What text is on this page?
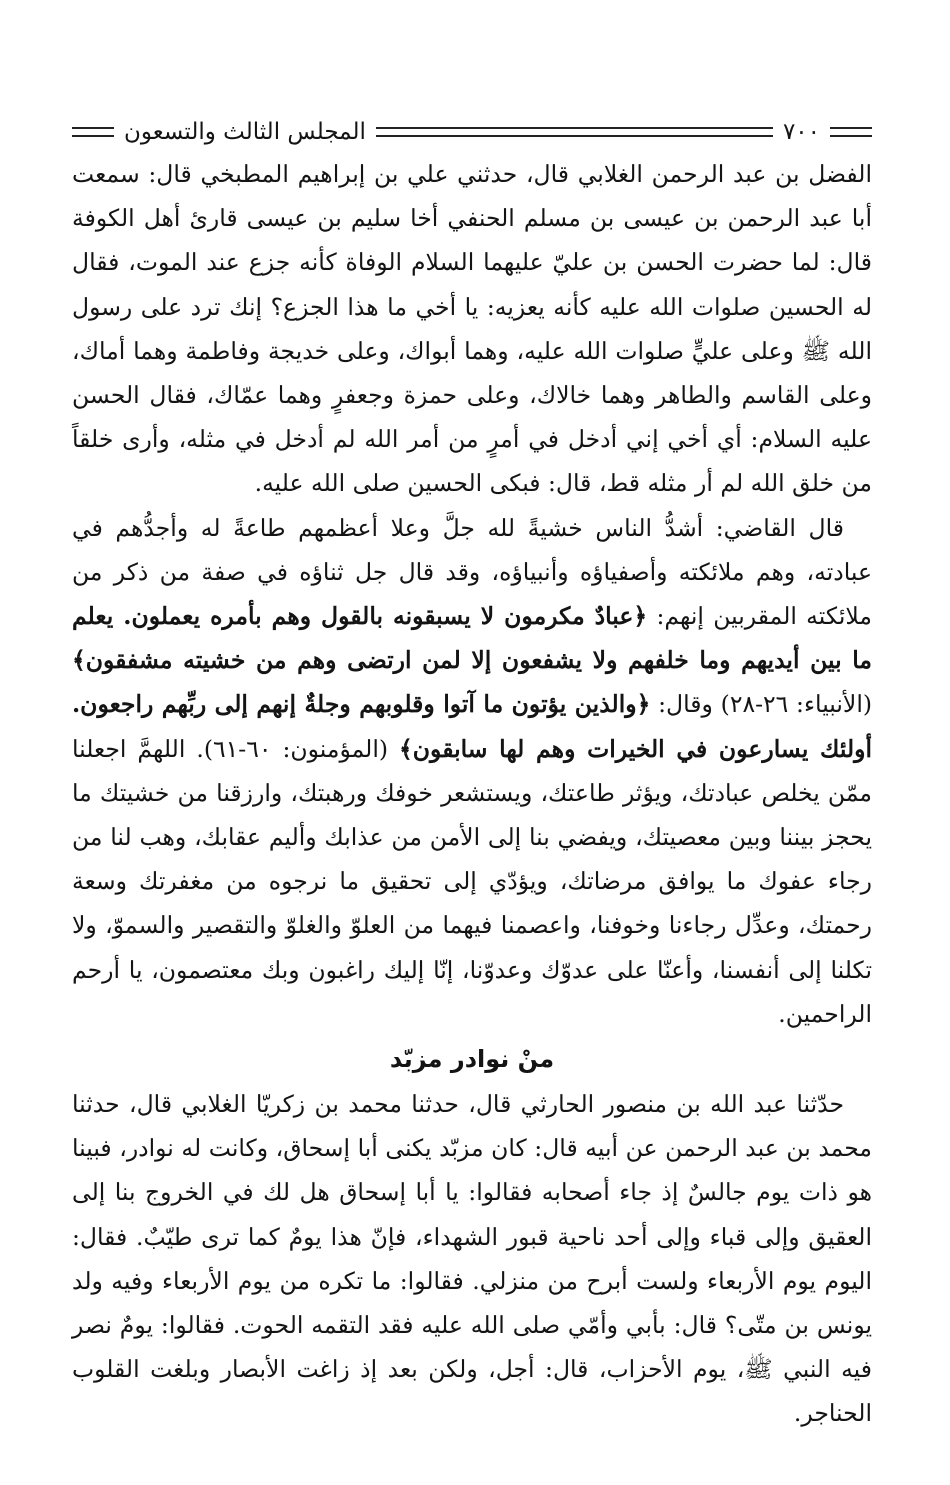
٧٠٠
المجلس الثالث والتسعون

الفضل بن عبد الرحمن الغلابي قال، حدثني علي بن إبراهيم المطبخي قال: سمعت أبا عبد الرحمن بن عيسى بن مسلم الحنفي أخا سليم بن عيسى قارئ أهل الكوفة قال: لما حضرت الحسن بن عليّ عليهما السلام الوفاة كأنه جزع عند الموت، فقال له الحسين صلوات الله عليه كأنه يعزيه: يا أخي ما هذا الجزع؟ إنك ترد على رسول الله ﷺ وعلى عليٍّ صلوات الله عليه، وهما أبواك، وعلى خديجة وفاطمة وهما أماك، وعلى القاسم والطاهر وهما خالاك، وعلى حمزة وجعفرٍ وهما عمّاك، فقال الحسن عليه السلام: أي أخي إني أدخل في أمرٍ من أمر الله لم أدخل في مثله، وأرى خلقاً من خلق الله لم أر مثله قط، قال: فبكى الحسين صلى الله عليه.

قال القاضي: أشدُّ الناس خشيةً لله جلَّ وعلا أعظمهم طاعةً له وأجدُّهم في عبادته، وهم ملائكته وأصفياؤه وأنبياؤه، وقد قال جل ثناؤه في صفة من ذكر من ملائكته المقربين إنهم: ﴿عبادٌ مكرمون لا يسبقونه بالقول وهم بأمره يعملون. يعلم ما بين أيديهم وما خلفهم ولا يشفعون إلا لمن ارتضى وهم من خشيته مشفقون﴾ (الأنبياء: ٢٦-٢٨) وقال: ﴿والذين يؤتون ما آتوا وقلوبهم وجلةٌ إنهم إلى ربِّهم راجعون. أولئك يسارعون في الخيرات وهم لها سابقون﴾ (المؤمنون: ٦٠-٦١). اللهمَّ اجعلنا ممّن يخلص عبادتك، ويؤثر طاعتك، ويستشعر خوفك ورهبتك، وارزقنا من خشيتك ما يحجز بيننا وبين معصيتك، ويفضي بنا إلى الأمن من عذابك وأليم عقابك، وهب لنا من رجاء عفوك ما يوافق مرضاتك، ويؤدّي إلى تحقيق ما نرجوه من مغفرتك وسعة رحمتك، وعدِّل رجاءنا وخوفنا، واعصمنا فيهما من العلوّ والغلوّ والتقصير والسموّ، ولا تكلنا إلى أنفسنا، وأعنّا على عدوّك وعدوّنا، إنّا إليك راغبون وبك معتصمون، يا أرحم الراحمين.

منْ نوادر مزبّد

حدّثنا عبد الله بن منصور الحارثي قال، حدثنا محمد بن زكريّا الغلابي قال، حدثنا محمد بن عبد الرحمن عن أبيه قال: كان مزبّد يكنى أبا إسحاق، وكانت له نوادر، فبينا هو ذات يوم جالسٌ إذ جاء أصحابه فقالوا: يا أبا إسحاق هل لك في الخروج بنا إلى العقيق وإلى قباء وإلى أحد ناحية قبور الشهداء، فإنّ هذا يومٌ كما ترى طيّبٌ. فقال: اليوم يوم الأربعاء ولست أبرح من منزلي. فقالوا: ما تكره من يوم الأربعاء وفيه ولد يونس بن متّى؟ قال: بأبي وأمّي صلى الله عليه فقد التقمه الحوت. فقالوا: يومٌ نصر فيه النبي ﷺ، يوم الأحزاب، قال: أجل، ولكن بعد إذ زاغت الأبصار وبلغت القلوب الحناجر.
